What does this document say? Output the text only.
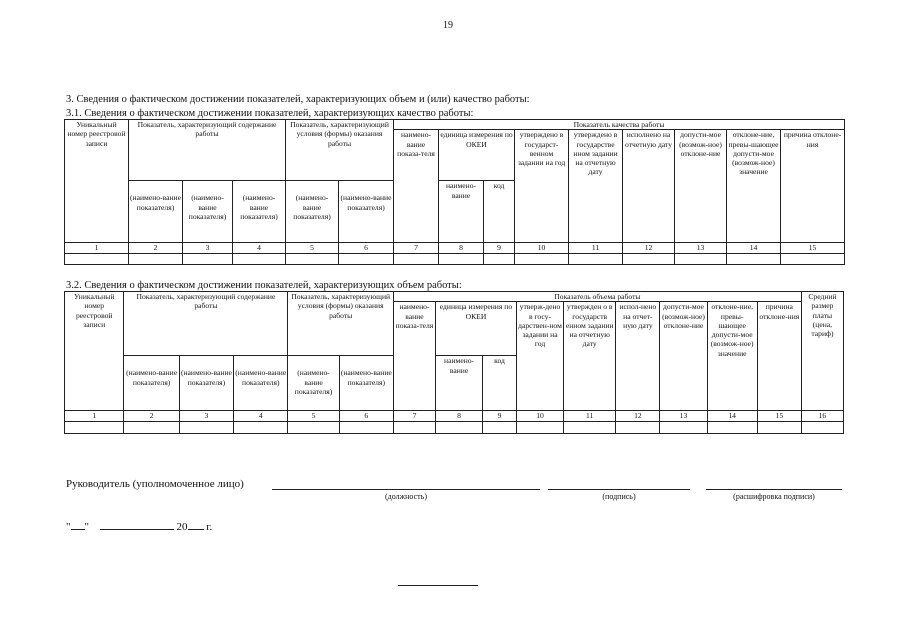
19
3. Сведения о фактическом достижении показателей, характеризующих объем и (или) качество работы:
3.1. Сведения о фактическом достижении показателей, характеризующих качество работы:
Уникальный номер реестровой записи	Показатель, характеризующий содержание работы			Показатель, характеризующий условия (формы) оказания работы		Показатель качества работы								
						наимено-вание показа-теля	единица измерения по ОКЕИ		утверждено в государст-венном задании на год	утверждено в государстве нном задании на отчетную дату	исполнено на отчетную дату	допусти-мое (возмож-ное) отклоне-ние	отклоне-ние, превы-шающее допусти-мое (возмож-ное) значение	причина отклоне-ния
	(наимено-вание показателя)	(наимено-вание показателя)	(наимено-вание показателя)	(наимено-вание показателя)	(наимено-вание показателя)		наимено-вание	код						
1	2	3	4	5	6	7	8	9	10	11	12	13	14	15

3.2. Сведения о фактическом достижении показателей, характеризующих объем работы:
Уникальный номер реестровой записи	Показатель, характеризующий содержание работы			Показатель, характеризующий условия (формы) оказания работы		Показатель объема работы									Средний размер платы (цена, тариф)
						наимено-вание показа-теля	единица измерения по ОКЕИ		утверж-дено в госу-дарствен-ном задании на год	утвержден о в государств енном задании на отчетную дату	испол-нено на отчет-ную дату	допусти-мое (возмож-ное) отклоне-ние	отклоне-ние, превы-шающее допусти-мое (возмож-ное) значение	причина отклоне-ния	
	(наимено-вание показателя)	(наимено-вание показателя)	(наимено-вание показателя)	(наимено-вание показателя)	(наимено-вание показателя)		наимено-вание	код							
1	2	3	4	5	6	7	8	9	10	11	12	13	14	15	16

Руководитель (уполномоченное лицо)
(должность)	(подпись)	(расшифровка подписи)
" "	20 г.
